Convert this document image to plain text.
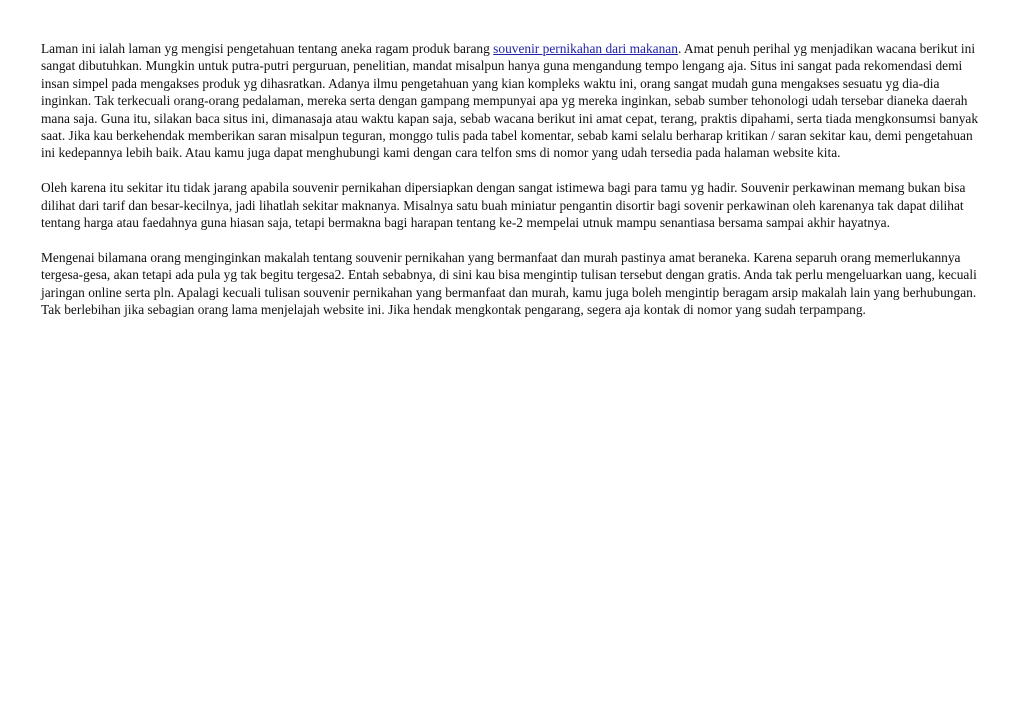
Laman ini ialah laman yg mengisi pengetahuan tentang aneka ragam produk barang souvenir pernikahan dari makanan. Amat penuh perihal yg menjadikan wacana berikut ini sangat dibutuhkan. Mungkin untuk putra-putri perguruan, penelitian, mandat misalpun hanya guna mengandung tempo lengang aja. Situs ini sangat pada rekomendasi demi insan simpel pada mengakses produk yg dihasratkan. Adanya ilmu pengetahuan yang kian kompleks waktu ini, orang sangat mudah guna mengakses sesuatu yg dia-dia inginkan. Tak terkecuali orang-orang pedalaman, mereka serta dengan gampang mempunyai apa yg mereka inginkan, sebab sumber tehonologi udah tersebar dianeka daerah mana saja. Guna itu, silakan baca situs ini, dimanasaja atau waktu kapan saja, sebab wacana berikut ini amat cepat, terang, praktis dipahami, serta tiada mengkonsumsi banyak saat. Jika kau berkehendak memberikan saran misalpun teguran, monggo tulis pada tabel komentar, sebab kami selalu berharap kritikan / saran sekitar kau, demi pengetahuan ini kedepannya lebih baik. Atau kamu juga dapat menghubungi kami dengan cara telfon sms di nomor yang udah tersedia pada halaman website kita.

Oleh karena itu sekitar itu tidak jarang apabila souvenir pernikahan dipersiapkan dengan sangat istimewa bagi para tamu yg hadir. Souvenir perkawinan memang bukan bisa dilihat dari tarif dan besar-kecilnya, jadi lihatlah sekitar maknanya. Misalnya satu buah miniatur pengantin disortir bagi sovenir perkawinan oleh karenanya tak dapat dilihat tentang harga atau faedahnya guna hiasan saja, tetapi bermakna bagi harapan tentang ke-2 mempelai utnuk mampu senantiasa bersama sampai akhir hayatnya.

Mengenai bilamana orang menginginkan makalah tentang souvenir pernikahan yang bermanfaat dan murah pastinya amat beraneka. Karena separuh orang memerlukannya tergesa-gesa, akan tetapi ada pula yg tak begitu tergesa2. Entah sebabnya, di sini kau bisa mengintip tulisan tersebut dengan gratis. Anda tak perlu mengeluarkan uang, kecuali jaringan online serta pln. Apalagi kecuali tulisan souvenir pernikahan yang bermanfaat dan murah, kamu juga boleh mengintip beragam arsip makalah lain yang berhubungan. Tak berlebihan jika sebagian orang lama menjelajah website ini. Jika hendak mengkontak pengarang, segera aja kontak di nomor yang sudah terpampang.
